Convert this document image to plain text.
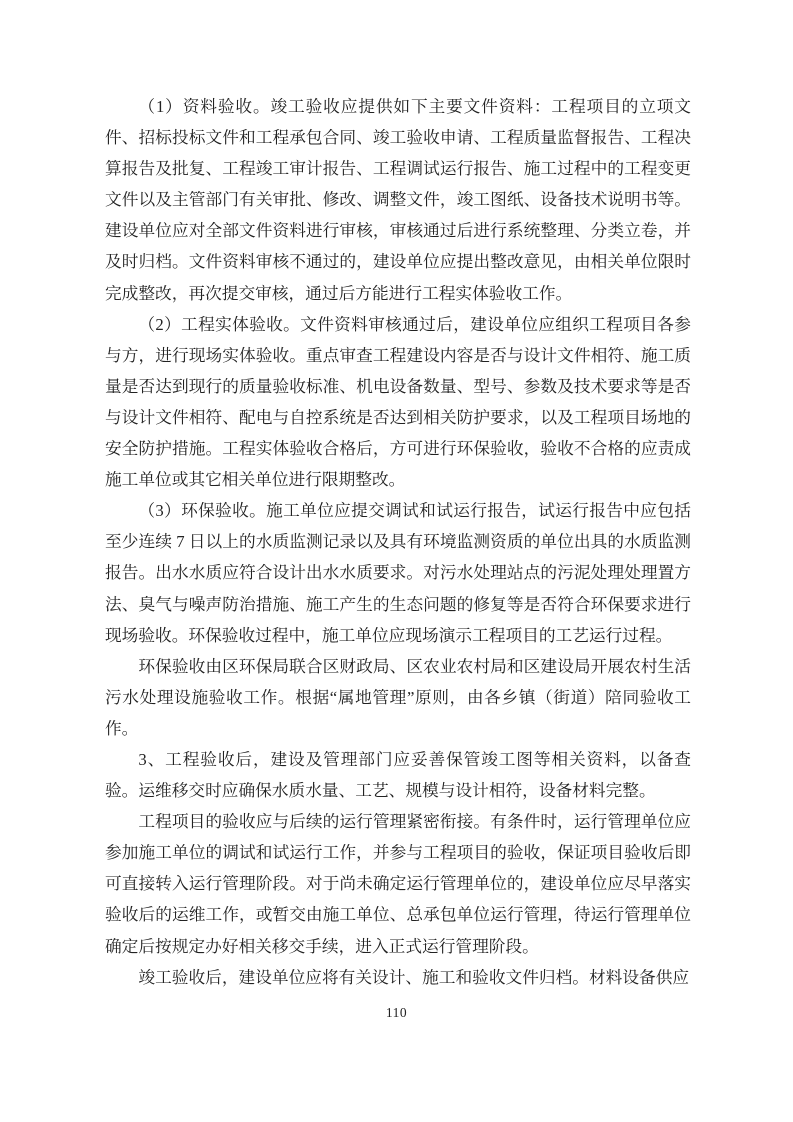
（1）资料验收。竣工验收应提供如下主要文件资料：工程项目的立项文件、招标投标文件和工程承包合同、竣工验收申请、工程质量监督报告、工程决算报告及批复、工程竣工审计报告、工程调试运行报告、施工过程中的工程变更文件以及主管部门有关审批、修改、调整文件，竣工图纸、设备技术说明书等。建设单位应对全部文件资料进行审核，审核通过后进行系统整理、分类立卷，并及时归档。文件资料审核不通过的，建设单位应提出整改意见，由相关单位限时完成整改，再次提交审核，通过后方能进行工程实体验收工作。

（2）工程实体验收。文件资料审核通过后，建设单位应组织工程项目各参与方，进行现场实体验收。重点审查工程建设内容是否与设计文件相符、施工质量是否达到现行的质量验收标准、机电设备数量、型号、参数及技术要求等是否与设计文件相符、配电与自控系统是否达到相关防护要求，以及工程项目场地的安全防护措施。工程实体验收合格后，方可进行环保验收，验收不合格的应责成施工单位或其它相关单位进行限期整改。

（3）环保验收。施工单位应提交调试和试运行报告，试运行报告中应包括至少连续 7 日以上的水质监测记录以及具有环境监测资质的单位出具的水质监测报告。出水水质应符合设计出水水质要求。对污水处理站点的污泥处理处理置方法、臭气与噪声防治措施、施工产生的生态问题的修复等是否符合环保要求进行现场验收。环保验收过程中，施工单位应现场演示工程项目的工艺运行过程。

环保验收由区环保局联合区财政局、区农业农村局和区建设局开展农村生活污水处理设施验收工作。根据“属地管理”原则，由各乡镇（街道）陪同验收工作。

3、工程验收后，建设及管理部门应妥善保管竣工图等相关资料，以备查验。运维移交时应确保水质水量、工艺、规模与设计相符，设备材料完整。

工程项目的验收应与后续的运行管理紧密衔接。有条件时，运行管理单位应参加施工单位的调试和试运行工作，并参与工程项目的验收，保证项目验收后即可直接转入运行管理阶段。对于尚未确定运行管理单位的，建设单位应尽早落实验收后的运维工作，或暂交由施工单位、总承包单位运行管理，待运行管理单位确定后按规定办好相关移交手续，进入正式运行管理阶段。

竣工验收后，建设单位应将有关设计、施工和验收文件归档。材料设备供应

110
